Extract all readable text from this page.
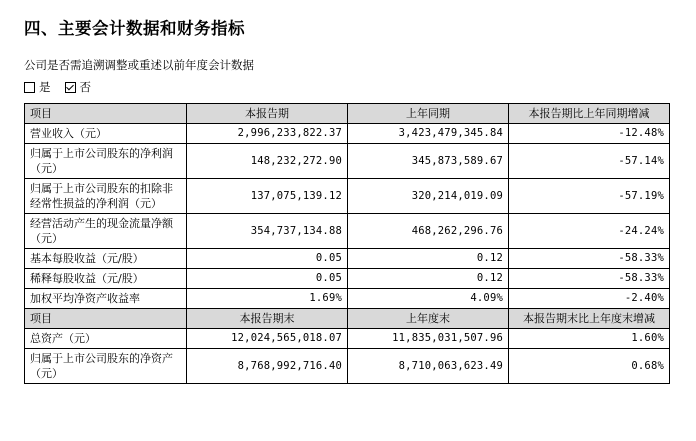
四、主要会计数据和财务指标
公司是否需追溯调整或重述以前年度会计数据
是	否
项目	本报告期	上年同期	本报告期比上年同期增减
营业收入（元）	2,996,233,822.37	3,423,479,345.84	-12.48%
归属于上市公司股东的净利润（元）	148,232,272.90	345,873,589.67	-57.14%
归属于上市公司股东的扣除非经常性损益的净利润（元）	137,075,139.12	320,214,019.09	-57.19%
经营活动产生的现金流量净额（元）	354,737,134.88	468,262,296.76	-24.24%
基本每股收益（元/股）	0.05	0.12	-58.33%
稀释每股收益（元/股）	0.05	0.12	-58.33%
加权平均净资产收益率	1.69%	4.09%	-2.40%
项目	本报告期末	上年度末	本报告期末比上年度末增减
总资产（元）	12,024,565,018.07	11,835,031,507.96	1.60%
归属于上市公司股东的净资产（元）	8,768,992,716.40	8,710,063,623.49	0.68%
